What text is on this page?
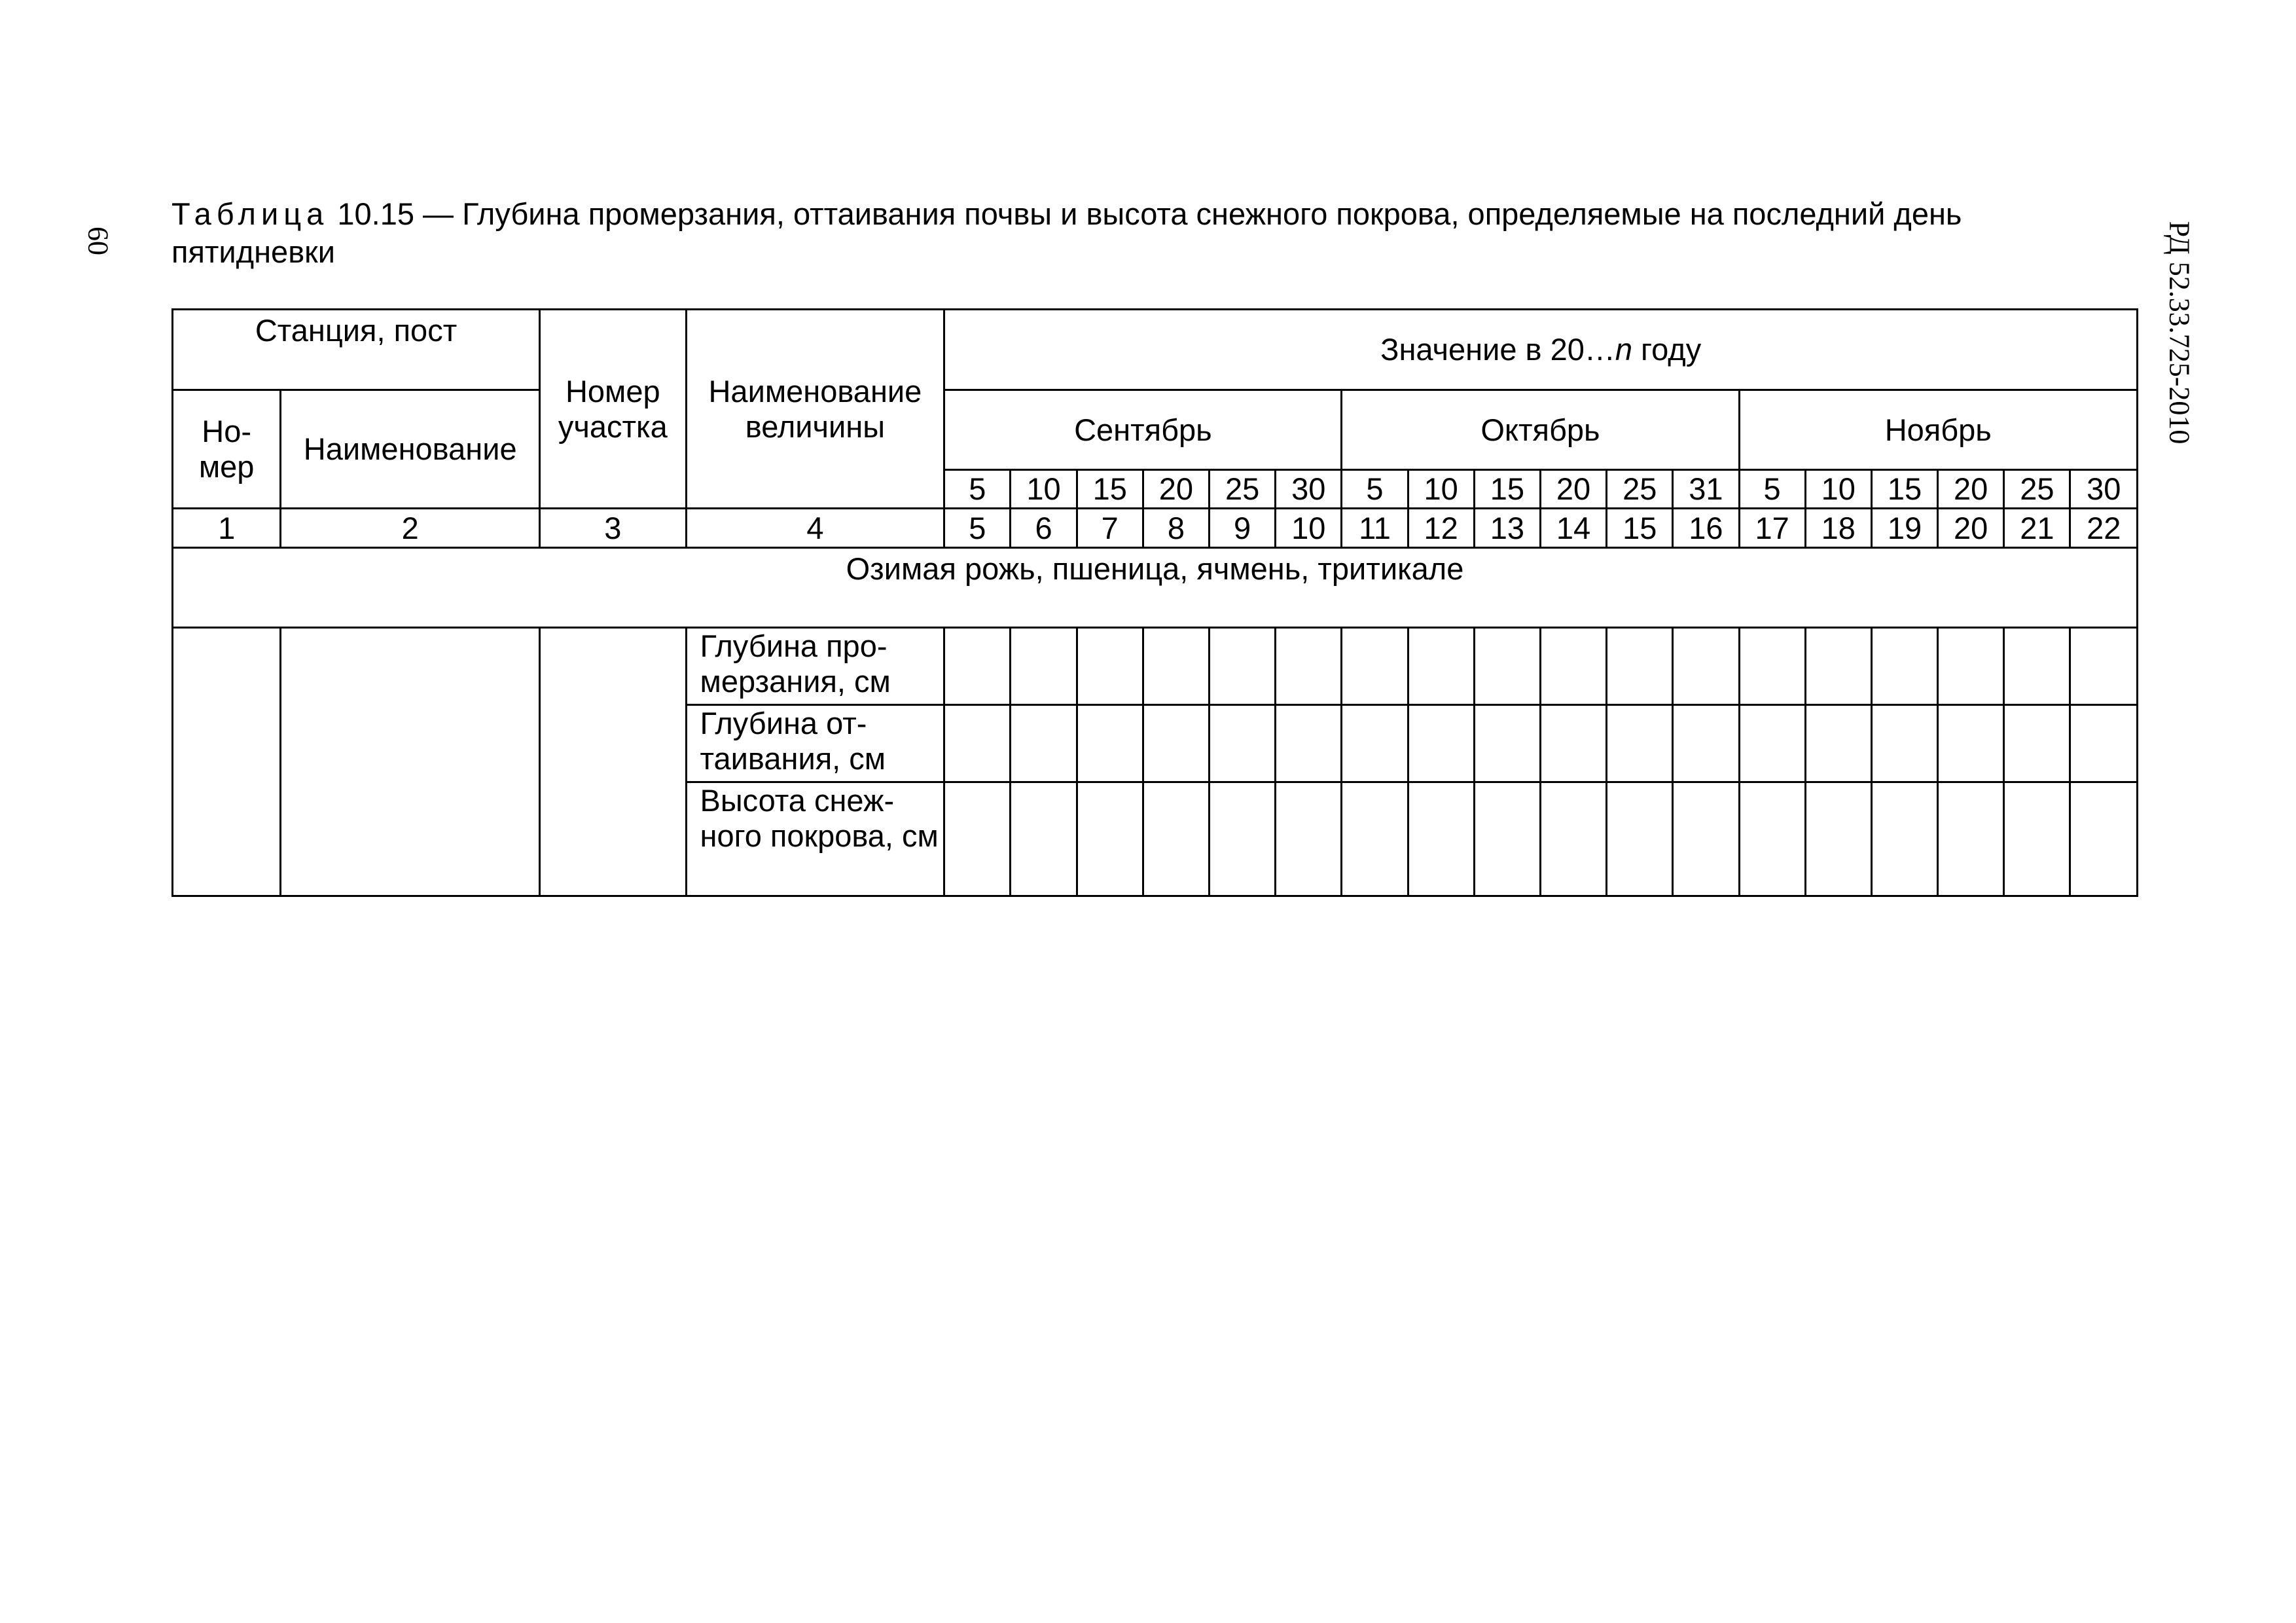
60	РД 52.33.725-2010
Таблица 10.15 — Глубина промерзания, оттаивания почвы и высота снежного покрова, определяемые на последний день пятидневки
Станция, пост		Номер участка	Наименование величины	Значение в 20…n году																	
Но- мер	Наименование			Сентябрь						Октябрь						Ноябрь					
				5	10	15	20	25	30	5	10	15	20	25	31	5	10	15	20	25	30
1	2	3	4	5	6	7	8	9	10	11	12	13	14	15	16	17	18	19	20	21	22
Озимая рожь, пшеница, ячмень, тритикале																					
			Глубина про- мерзания, см																		
			Глубина от- таивания, см																		
			Высота снеж- ного покрова, см																		
